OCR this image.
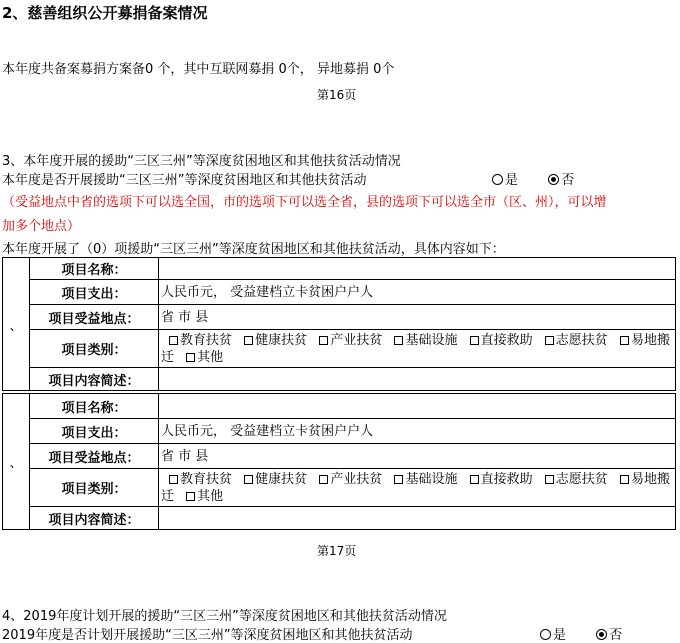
2、慈善组织公开募捐备案情况
本年度共备案募捐方案备0 个，其中互联网募捐 0个， 异地募捐 0个
第16页
3、本年度开展的援助“三区三州”等深度贫困地区和其他扶贫活动情况
本年度是否开展援助“三区三州”等深度贫困地区和其他扶贫活动	是	否
（受益地点中省的选项下可以选全国，市的选项下可以选全省，县的选项下可以选全市（区、州），可以增
加多个地点）
本年度开展了（0）项援助“三区三州”等深度贫困地区和其他扶贫活动，具体内容如下：
、	项目名称：	
	项目支出：	人民币元， 受益建档立卡贫困户户人
	项目受益地点：	省 市 县
	项目类别：	教育扶贫 健康扶贫 产业扶贫 基础设施 直接救助 志愿扶贫 易地搬迁 其他
	项目内容简述：	
、	项目名称：	
	项目支出：	人民币元， 受益建档立卡贫困户户人
	项目受益地点：	省 市 县
	项目类别：	教育扶贫 健康扶贫 产业扶贫 基础设施 直接救助 志愿扶贫 易地搬迁 其他
	项目内容简述：	
第17页
4、2019年度计划开展的援助“三区三州”等深度贫困地区和其他扶贫活动情况
2019年度是否计划开展援助“三区三州”等深度贫困地区和其他扶贫活动	是	否
